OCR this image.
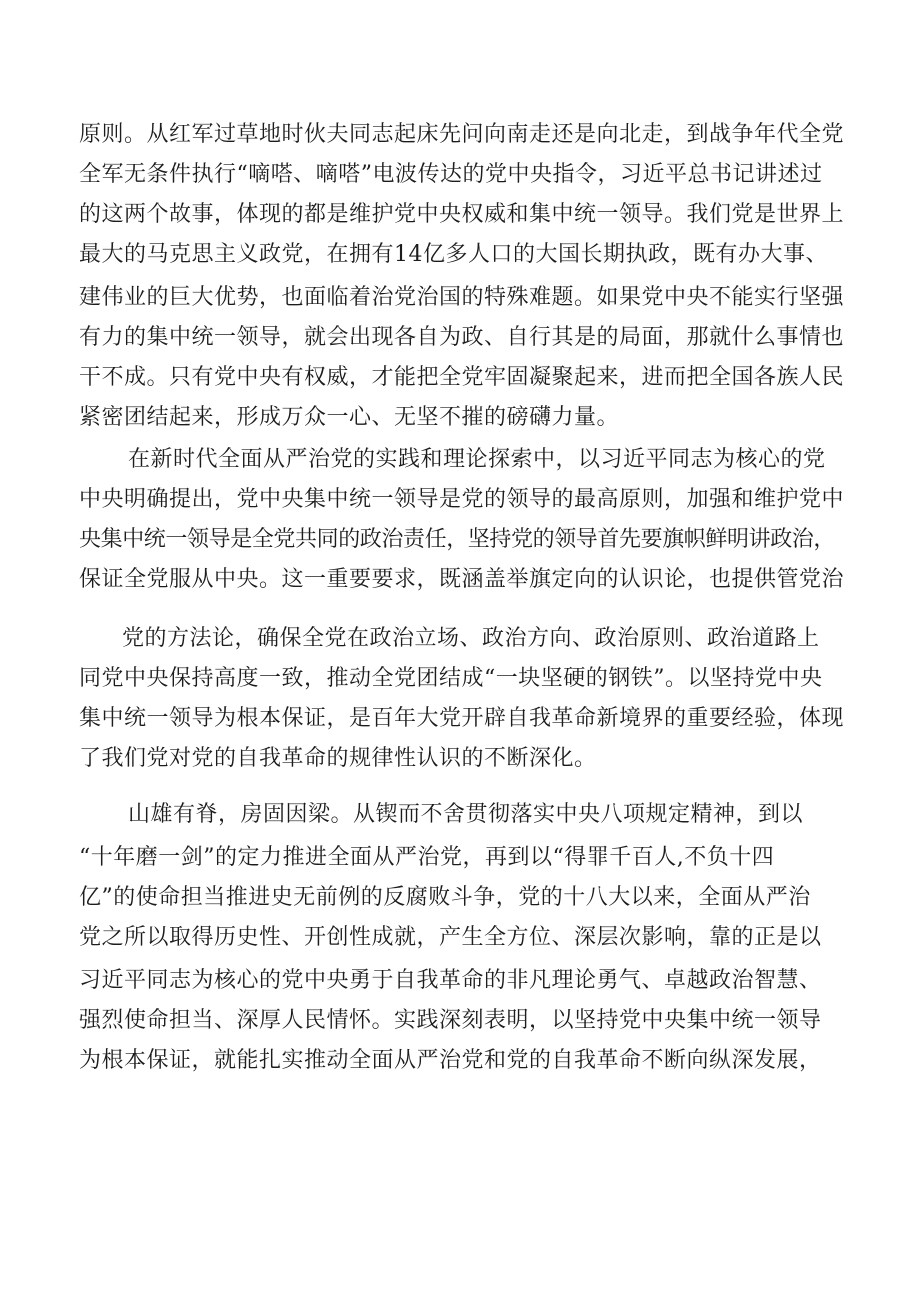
原则。从红军过草地时伙夫同志起床先问向南走还是向北走，到战争年代全党
全军无条件执行“嘀嗒、嘀嗒”电波传达的党中央指令，习近平总书记讲述过
的这两个故事，体现的都是维护党中央权威和集中统一领导。我们党是世界上
最大的马克思主义政党，在拥有14亿多人口的大国长期执政，既有办大事、
建伟业的巨大优势，也面临着治党治国的特殊难题。如果党中央不能实行坚强
有力的集中统一领导，就会出现各自为政、自行其是的局面，那就什么事情也
干不成。只有党中央有权威，才能把全党牢固凝聚起来，进而把全国各族人民
紧密团结起来，形成万众一心、无坚不摧的磅礴力量。
在新时代全面从严治党的实践和理论探索中，以习近平同志为核心的党
中央明确提出，党中央集中统一领导是党的领导的最高原则，加强和维护党中
央集中统一领导是全党共同的政治责任，坚持党的领导首先要旗帜鲜明讲政治，
保证全党服从中央。这一重要要求，既涵盖举旗定向的认识论，也提供管党治
党的方法论，确保全党在政治立场、政治方向、政治原则、政治道路上
同党中央保持高度一致，推动全党团结成“一块坚硬的钢铁”。以坚持党中央
集中统一领导为根本保证，是百年大党开辟自我革命新境界的重要经验，体现
了我们党对党的自我革命的规律性认识的不断深化。
山雄有脊，房固因梁。从锲而不舍贯彻落实中央八项规定精神，到以
“十年磨一剑”的定力推进全面从严治党，再到以“得罪千百人,不负十四
亿”的使命担当推进史无前例的反腐败斗争，党的十八大以来，全面从严治
党之所以取得历史性、开创性成就，产生全方位、深层次影响，靠的正是以
习近平同志为核心的党中央勇于自我革命的非凡理论勇气、卓越政治智慧、
强烈使命担当、深厚人民情怀。实践深刻表明，以坚持党中央集中统一领导
为根本保证，就能扎实推动全面从严治党和党的自我革命不断向纵深发展，
